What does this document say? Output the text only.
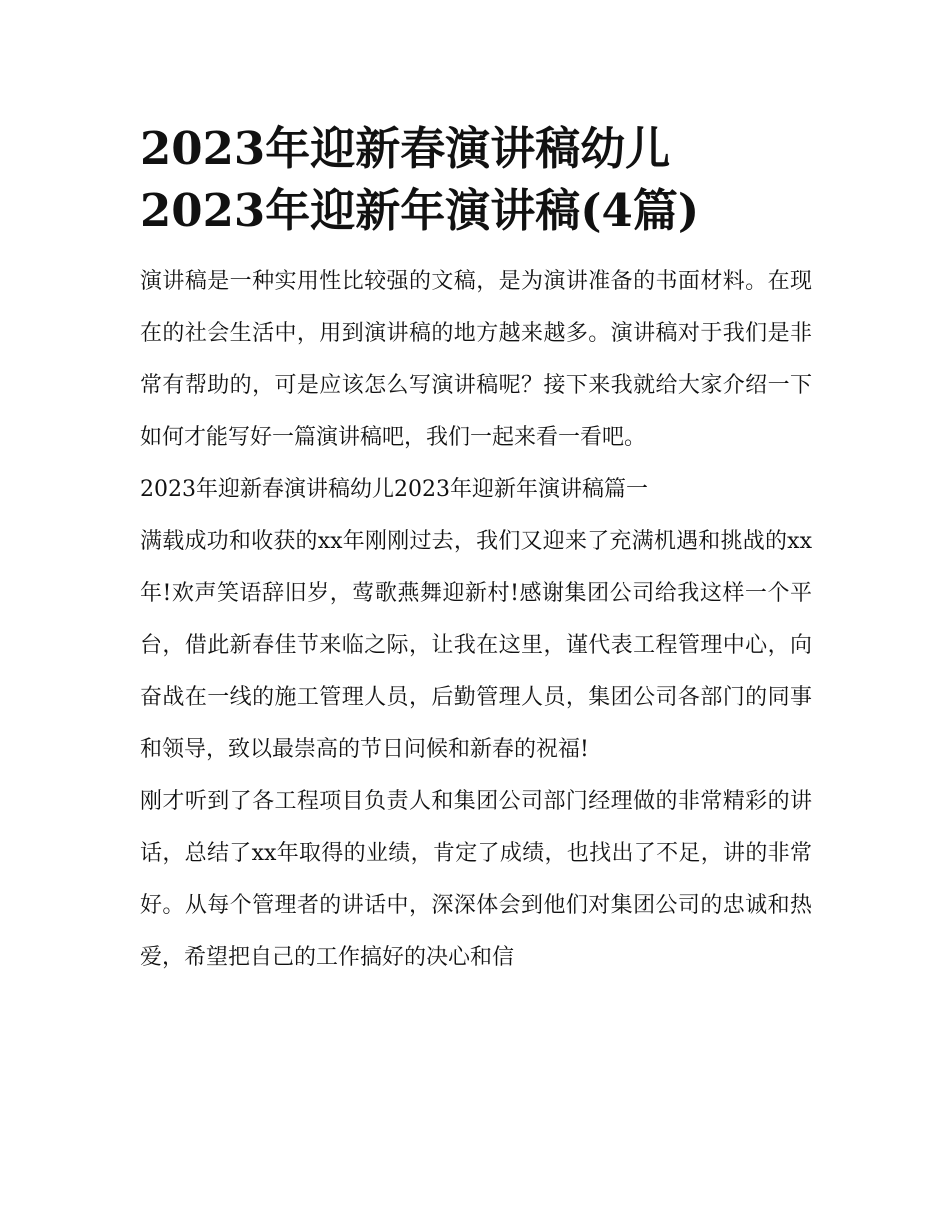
2023年迎新春演讲稿幼儿
2023年迎新年演讲稿(4篇)

演讲稿是一种实用性比较强的文稿，是为演讲准备的书面材料。在现在的社会生活中，用到演讲稿的地方越来越多。演讲稿对于我们是非常有帮助的，可是应该怎么写演讲稿呢？接下来我就给大家介绍一下如何才能写好一篇演讲稿吧，我们一起来看一看吧。

2023年迎新春演讲稿幼儿2023年迎新年演讲稿篇一

满载成功和收获的xx年刚刚过去，我们又迎来了充满机遇和挑战的xx年!欢声笑语辞旧岁，莺歌燕舞迎新村!感谢集团公司给我这样一个平台，借此新春佳节来临之际，让我在这里，谨代表工程管理中心，向奋战在一线的施工管理人员，后勤管理人员，集团公司各部门的同事和领导，致以最崇高的节日问候和新春的祝福!

刚才听到了各工程项目负责人和集团公司部门经理做的非常精彩的讲话，总结了xx年取得的业绩，肯定了成绩，也找出了不足，讲的非常好。从每个管理者的讲话中，深深体会到他们对集团公司的忠诚和热爱，希望把自己的工作搞好的决心和信
